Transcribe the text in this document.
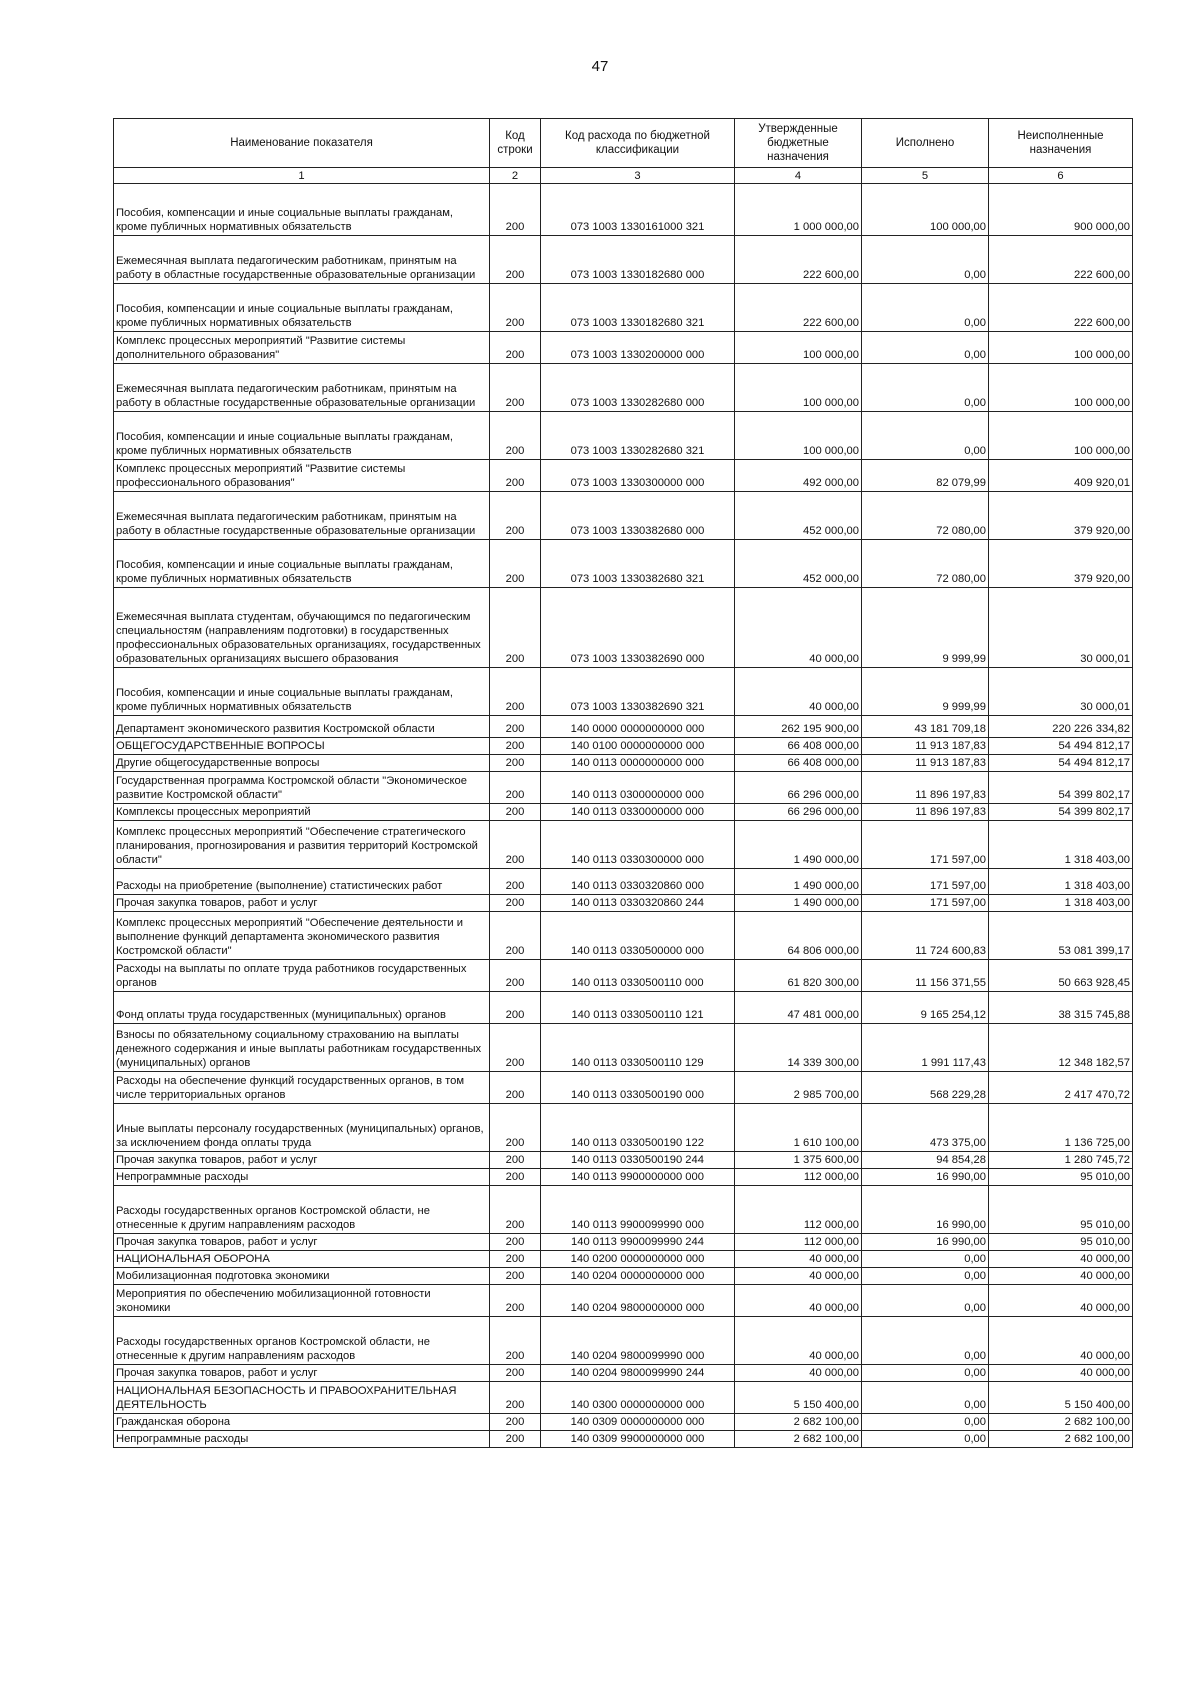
47
Наименование показателя	Код строки	Код расхода по бюджетной классификации	Утвержденные бюджетные назначения	Исполнено	Неисполненные назначения
1	2	3	4	5	6
Пособия, компенсации и иные социальные выплаты гражданам, кроме публичных нормативных обязательств	200	073 1003 1330161000 321	1 000 000,00	100 000,00	900 000,00
Ежемесячная выплата педагогическим работникам, принятым на работу в областные государственные образовательные организации	200	073 1003 1330182680 000	222 600,00	0,00	222 600,00
Пособия, компенсации и иные социальные выплаты гражданам, кроме публичных нормативных обязательств	200	073 1003 1330182680 321	222 600,00	0,00	222 600,00
Комплекс процессных мероприятий "Развитие системы дополнительного образования"	200	073 1003 1330200000 000	100 000,00	0,00	100 000,00
Ежемесячная выплата педагогическим работникам, принятым на работу в областные государственные образовательные организации	200	073 1003 1330282680 000	100 000,00	0,00	100 000,00
Пособия, компенсации и иные социальные выплаты гражданам, кроме публичных нормативных обязательств	200	073 1003 1330282680 321	100 000,00	0,00	100 000,00
Комплекс процессных мероприятий "Развитие системы профессионального образования"	200	073 1003 1330300000 000	492 000,00	82 079,99	409 920,01
Ежемесячная выплата педагогическим работникам, принятым на работу в областные государственные образовательные организации	200	073 1003 1330382680 000	452 000,00	72 080,00	379 920,00
Пособия, компенсации и иные социальные выплаты гражданам, кроме публичных нормативных обязательств	200	073 1003 1330382680 321	452 000,00	72 080,00	379 920,00
Ежемесячная выплата студентам, обучающимся по педагогическим специальностям (направлениям подготовки) в государственных профессиональных образовательных организациях, государственных образовательных организациях высшего образования	200	073 1003 1330382690 000	40 000,00	9 999,99	30 000,01
Пособия, компенсации и иные социальные выплаты гражданам, кроме публичных нормативных обязательств	200	073 1003 1330382690 321	40 000,00	9 999,99	30 000,01
Департамент экономического развития Костромской области	200	140 0000 0000000000 000	262 195 900,00	43 181 709,18	220 226 334,82
ОБЩЕГОСУДАРСТВЕННЫЕ ВОПРОСЫ	200	140 0100 0000000000 000	66 408 000,00	11 913 187,83	54 494 812,17
Другие общегосударственные вопросы	200	140 0113 0000000000 000	66 408 000,00	11 913 187,83	54 494 812,17
Государственная программа Костромской области "Экономическое развитие Костромской области"	200	140 0113 0300000000 000	66 296 000,00	11 896 197,83	54 399 802,17
Комплексы процессных мероприятий	200	140 0113 0330000000 000	66 296 000,00	11 896 197,83	54 399 802,17
Комплекс процессных мероприятий "Обеспечение стратегического планирования, прогнозирования и развития территорий Костромской области"	200	140 0113 0330300000 000	1 490 000,00	171 597,00	1 318 403,00
Расходы на приобретение (выполнение) статистических работ	200	140 0113 0330320860 000	1 490 000,00	171 597,00	1 318 403,00
Прочая закупка товаров, работ и услуг	200	140 0113 0330320860 244	1 490 000,00	171 597,00	1 318 403,00
Комплекс процессных мероприятий "Обеспечение деятельности и выполнение функций департамента экономического развития Костромской области"	200	140 0113 0330500000 000	64 806 000,00	11 724 600,83	53 081 399,17
Расходы на выплаты по оплате труда работников государственных органов	200	140 0113 0330500110 000	61 820 300,00	11 156 371,55	50 663 928,45
Фонд оплаты труда государственных (муниципальных) органов	200	140 0113 0330500110 121	47 481 000,00	9 165 254,12	38 315 745,88
Взносы по обязательному социальному страхованию на выплаты денежного содержания и иные выплаты работникам государственных (муниципальных) органов	200	140 0113 0330500110 129	14 339 300,00	1 991 117,43	12 348 182,57
Расходы на обеспечение функций государственных органов, в том числе территориальных органов	200	140 0113 0330500190 000	2 985 700,00	568 229,28	2 417 470,72
Иные выплаты персоналу государственных (муниципальных) органов, за исключением фонда оплаты труда	200	140 0113 0330500190 122	1 610 100,00	473 375,00	1 136 725,00
Прочая закупка товаров, работ и услуг	200	140 0113 0330500190 244	1 375 600,00	94 854,28	1 280 745,72
Непрограммные расходы	200	140 0113 9900000000 000	112 000,00	16 990,00	95 010,00
Расходы государственных органов Костромской области, не отнесенные к другим направлениям расходов	200	140 0113 9900099990 000	112 000,00	16 990,00	95 010,00
Прочая закупка товаров, работ и услуг	200	140 0113 9900099990 244	112 000,00	16 990,00	95 010,00
НАЦИОНАЛЬНАЯ ОБОРОНА	200	140 0200 0000000000 000	40 000,00	0,00	40 000,00
Мобилизационная подготовка экономики	200	140 0204 0000000000 000	40 000,00	0,00	40 000,00
Мероприятия по обеспечению мобилизационной готовности экономики	200	140 0204 9800000000 000	40 000,00	0,00	40 000,00
Расходы государственных органов Костромской области, не отнесенные к другим направлениям расходов	200	140 0204 9800099990 000	40 000,00	0,00	40 000,00
Прочая закупка товаров, работ и услуг	200	140 0204 9800099990 244	40 000,00	0,00	40 000,00
НАЦИОНАЛЬНАЯ БЕЗОПАСНОСТЬ И ПРАВООХРАНИТЕЛЬНАЯ ДЕЯТЕЛЬНОСТЬ	200	140 0300 0000000000 000	5 150 400,00	0,00	5 150 400,00
Гражданская оборона	200	140 0309 0000000000 000	2 682 100,00	0,00	2 682 100,00
Непрограммные расходы	200	140 0309 9900000000 000	2 682 100,00	0,00	2 682 100,00
